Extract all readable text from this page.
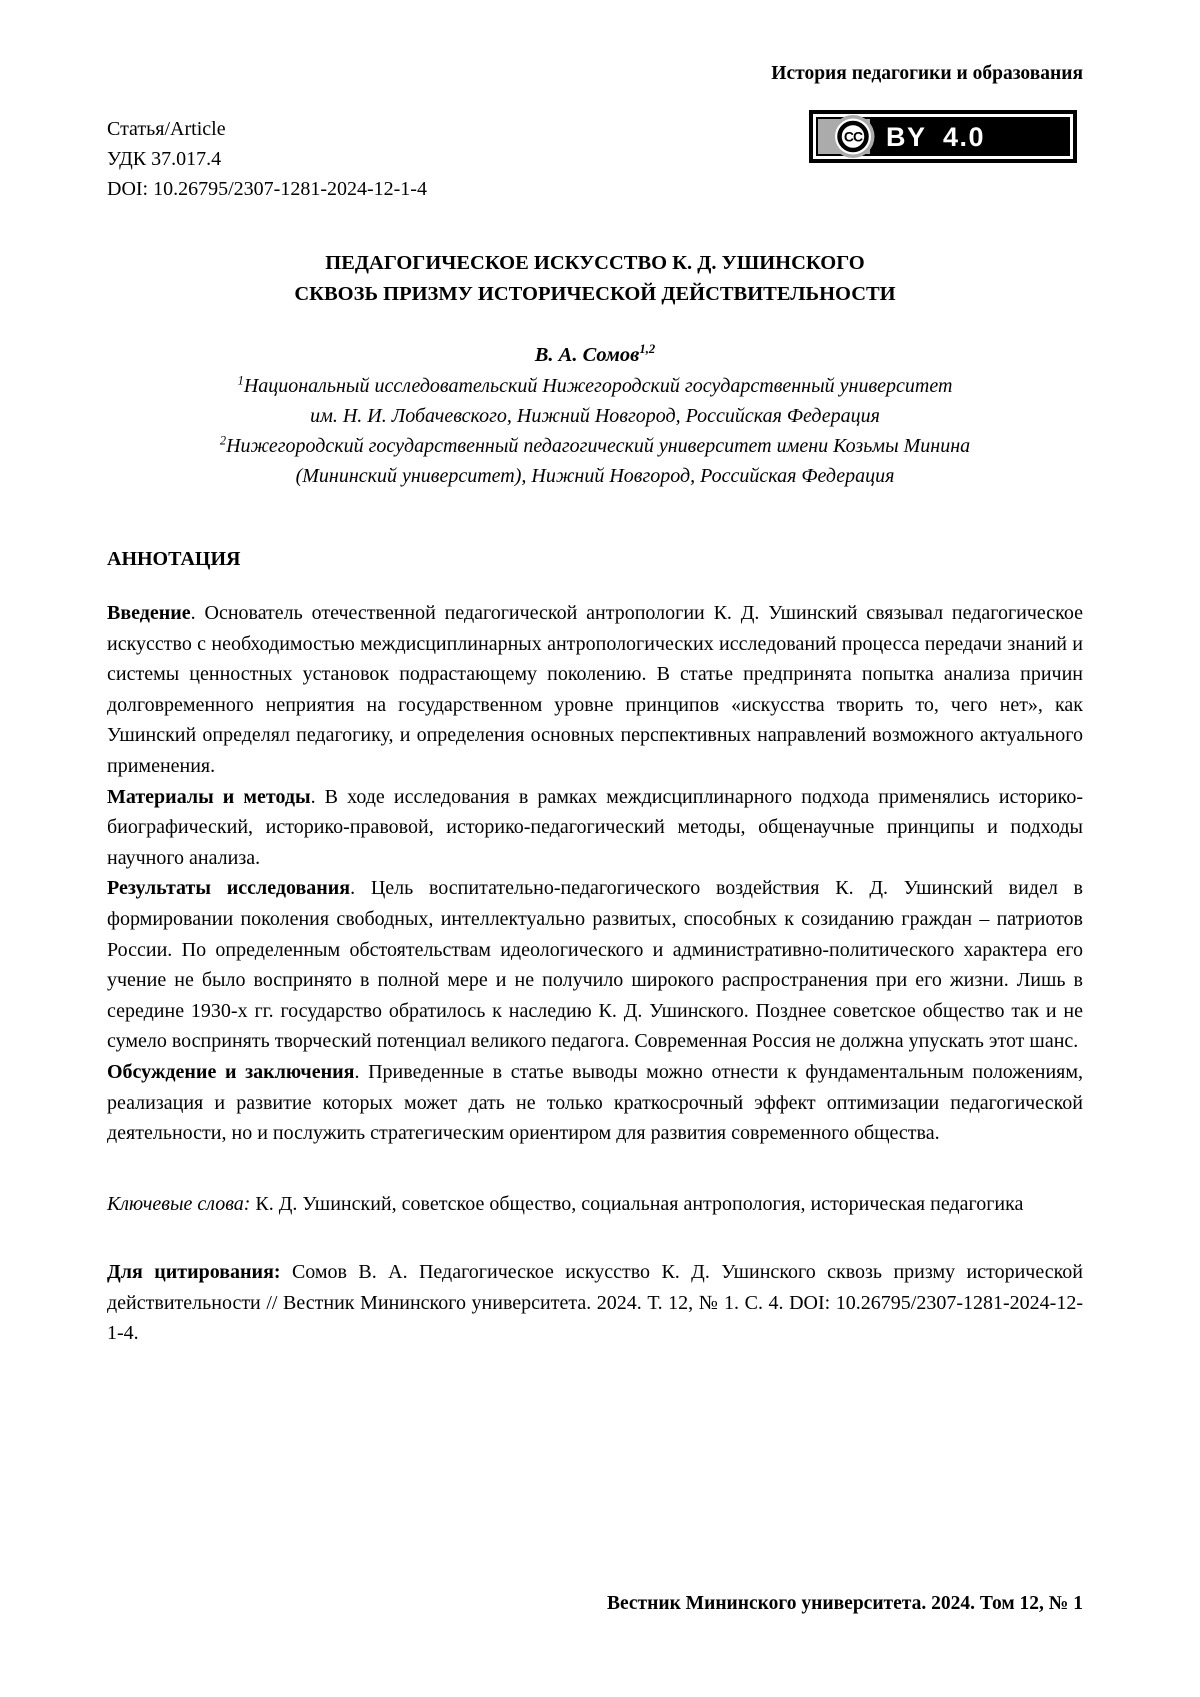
История педагогики и образования
Статья/Article
УДК 37.017.4
DOI: 10.26795/2307-1281-2024-12-1-4
CC BY 4.0
ПЕДАГОГИЧЕСКОЕ ИСКУССТВО К. Д. УШИНСКОГО
СКВОЗЬ ПРИЗМУ ИСТОРИЧЕСКОЙ ДЕЙСТВИТЕЛЬНОСТИ
В. А. Сомов$^{1,2}$
$^1$Национальный исследовательский Нижегородский государственный университет
им. Н. И. Лобачевского, Нижний Новгород, Российская Федерация
$^2$Нижегородский государственный педагогический университет имени Козьмы Минина
(Мининский университет), Нижний Новгород, Российская Федерация
АННОТАЦИЯ

Введение. Основатель отечественной педагогической антропологии К. Д. Ушинский связывал педагогическое искусство с необходимостью междисциплинарных антропологических исследований процесса передачи знаний и системы ценностных установок подрастающему поколению. В статье предпринята попытка анализа причин долговременного неприятия на государственном уровне принципов «искусства творить то, чего нет», как Ушинский определял педагогику, и определения основных перспективных направлений возможного актуального применения.

Материалы и методы. В ходе исследования в рамках междисциплинарного подхода применялись историко-биографический, историко-правовой, историко-педагогический методы, общенаучные принципы и подходы научного анализа.

Результаты исследования. Цель воспитательно-педагогического воздействия К. Д. Ушинский видел в формировании поколения свободных, интеллектуально развитых, способных к созиданию граждан – патриотов России. По определенным обстоятельствам идеологического и административно-политического характера его учение не было воспринято в полной мере и не получило широкого распространения при его жизни. Лишь в середине 1930-х гг. государство обратилось к наследию К. Д. Ушинского. Позднее советское общество так и не сумело воспринять творческий потенциал великого педагога. Современная Россия не должна упускать этот шанс.

Обсуждение и заключения. Приведенные в статье выводы можно отнести к фундаментальным положениям, реализация и развитие которых может дать не только краткосрочный эффект оптимизации педагогической деятельности, но и послужить стратегическим ориентиром для развития современного общества.

Ключевые слова: К. Д. Ушинский, советское общество, социальная антропология, историческая педагогика

Для цитирования: Сомов В. А. Педагогическое искусство К. Д. Ушинского сквозь призму исторической действительности // Вестник Мининского университета. 2024. Т. 12, № 1. С. 4. DOI: 10.26795/2307-1281-2024-12-1-4.

Вестник Мининского университета. 2024. Том 12, № 1
